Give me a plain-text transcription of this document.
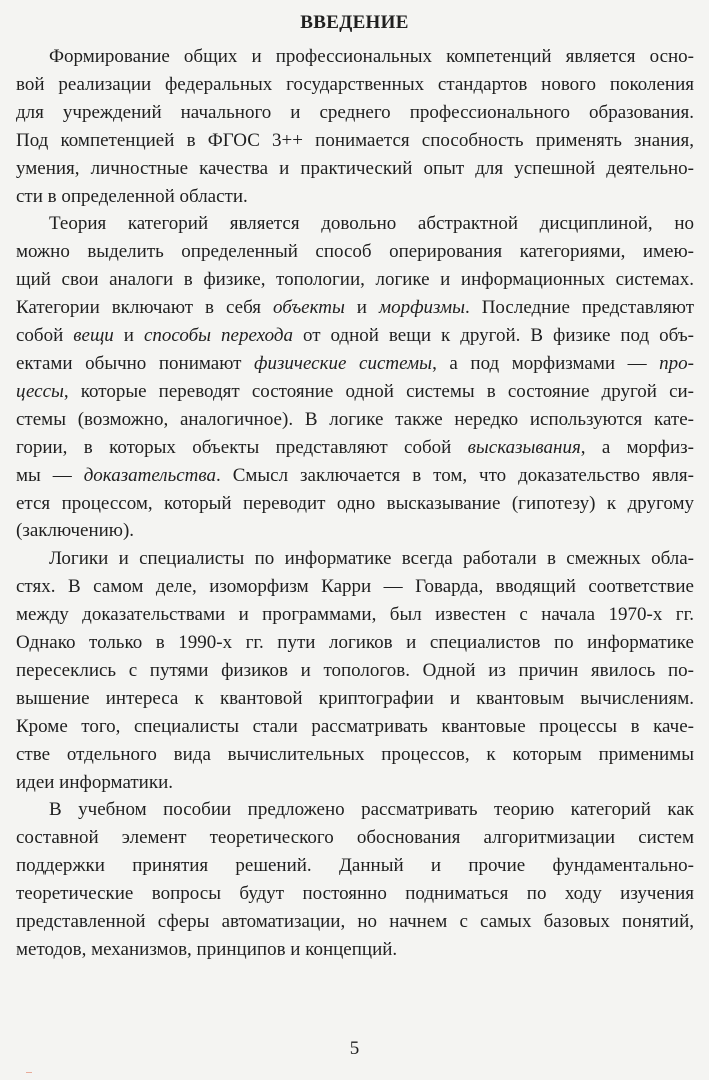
ВВЕДЕНИЕ
Формирование общих и профессиональных компетенций является осно-
вой реализации федеральных государственных стандартов нового поколения
для учреждений начального и среднего профессионального образования.
Под компетенцией в ФГОС 3++ понимается способность применять знания,
умения, личностные качества и практический опыт для успешной деятельно-
сти в определенной области.
Теория категорий является довольно абстрактной дисциплиной, но
можно выделить определенный способ оперирования категориями, имею-
щий свои аналоги в физике, топологии, логике и информационных системах.
Категории включают в себя объекты и морфизмы. Последние представляют
собой вещи и способы перехода от одной вещи к другой. В физике под объ-
ектами обычно понимают физические системы, а под морфизмами — про-
цессы, которые переводят состояние одной системы в состояние другой си-
стемы (возможно, аналогичное). В логике также нередко используются кате-
гории, в которых объекты представляют собой высказывания, а морфиз-
мы — доказательства. Смысл заключается в том, что доказательство явля-
ется процессом, который переводит одно высказывание (гипотезу) к другому
(заключению).
Логики и специалисты по информатике всегда работали в смежных обла-
стях. В самом деле, изоморфизм Карри — Говарда, вводящий соответствие
между доказательствами и программами, был известен с начала 1970-х гг.
Однако только в 1990-х гг. пути логиков и специалистов по информатике
пересеклись с путями физиков и топологов. Одной из причин явилось по-
вышение интереса к квантовой криптографии и квантовым вычислениям.
Кроме того, специалисты стали рассматривать квантовые процессы в каче-
стве отдельного вида вычислительных процессов, к которым применимы
идеи информатики.
В учебном пособии предложено рассматривать теорию категорий как
составной элемент теоретического обоснования алгоритмизации систем
поддержки принятия решений. Данный и прочие фундаментально-
теоретические вопросы будут постоянно подниматься по ходу изучения
представленной сферы автоматизации, но начнем с самых базовых понятий,
методов, механизмов, принципов и концепций.
5
